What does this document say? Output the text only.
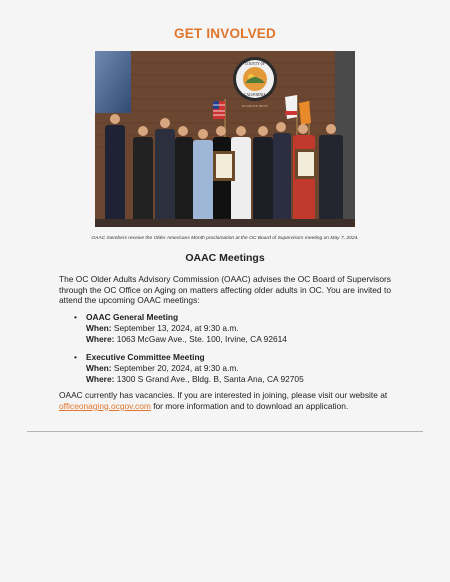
GET INVOLVED
COUNTY OF
CALIFORNIA
IN GOD WE TRUST
OAAC members receive the Older Americans Month proclamation at the OC Board of Supervisors meeting on May 7, 2024.
OAAC Meetings
The OC Older Adults Advisory Commission (OAAC) advises the OC Board of Supervisors through the OC Office on Aging on matters affecting older adults in OC. You are invited to attend the upcoming OAAC meetings:
• OAAC General Meeting
When: September 13, 2024, at 9:30 a.m.
Where: 1063 McGaw Ave., Ste. 100, Irvine, CA 92614
• Executive Committee Meeting
When: September 20, 2024, at 9:30 a.m.
Where: 1300 S Grand Ave., Bldg. B, Santa Ana, CA 92705
OAAC currently has vacancies. If you are interested in joining, please visit our website at officeonaging.ocgov.com for more information and to download an application.
